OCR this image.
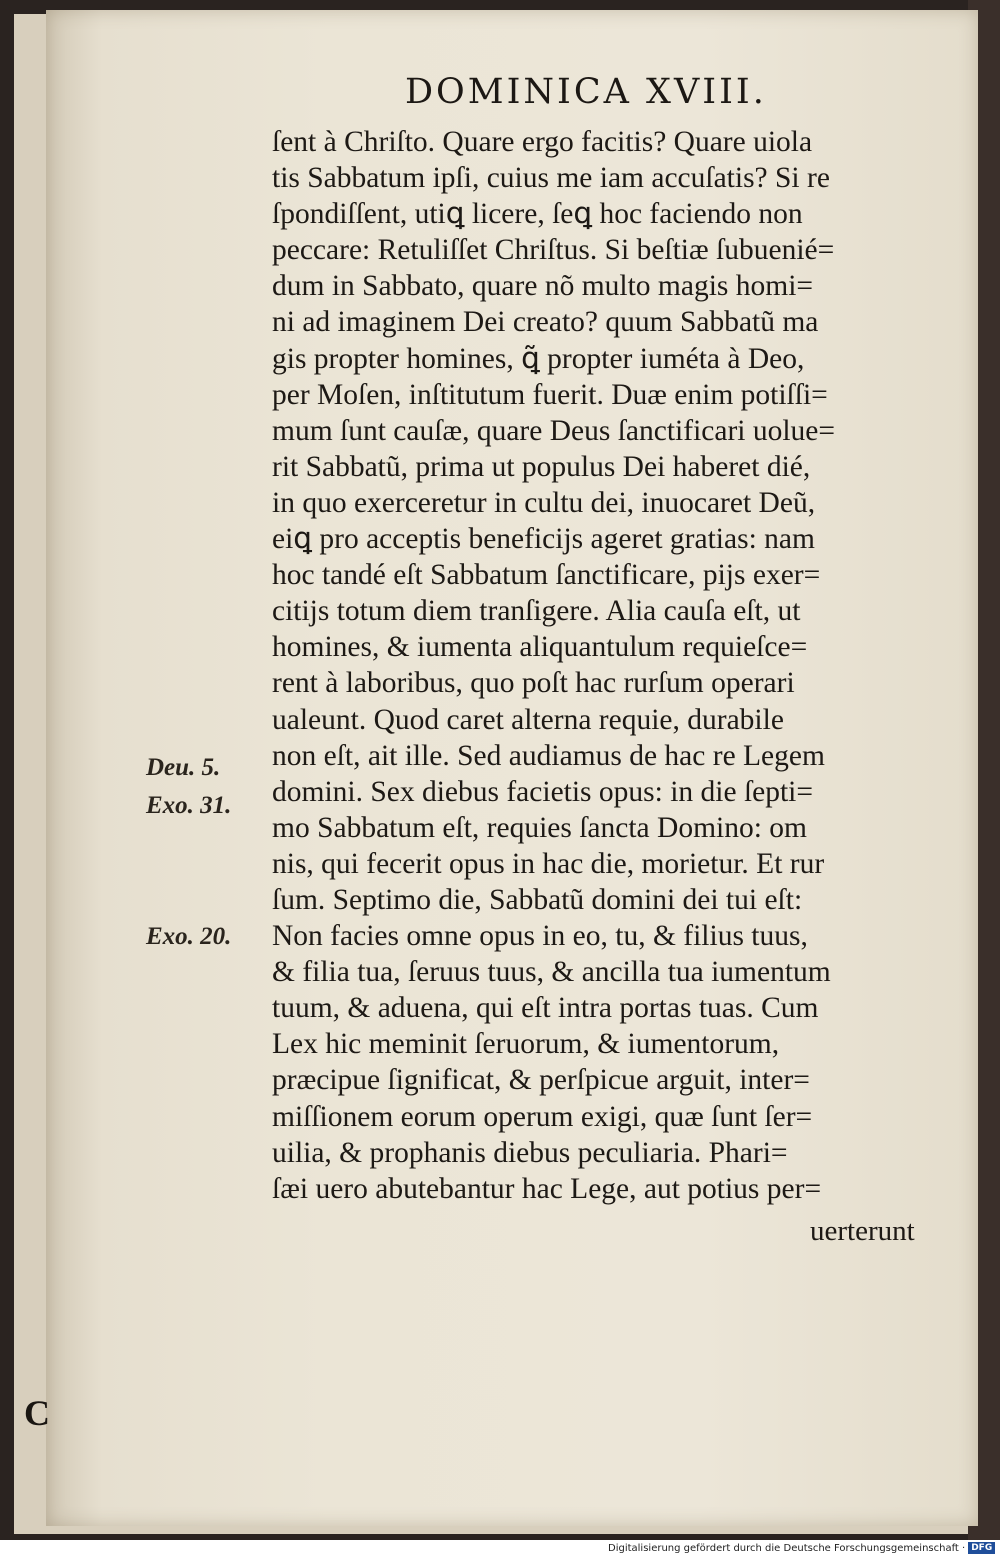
DOMINICA XVIII.
ſent à Chriſto. Quare ergo facitis? Quare uiola
tis Sabbatum ipſi, cuius me iam accuſatis? Si re
ſpondiſſent, utiꝗ licere, ſeꝗ hoc faciendo non
peccare: Retuliſſet Chriſtus. Si beſtiæ ſubuenié=
dum in Sabbato, quare nõ multo magis homi=
ni ad imaginem Dei creato? quum Sabbatũ ma
gis propter homines, ꝗ̃ propter iuméta à Deo,
per Moſen, inſtitutum fuerit. Duæ enim potiſſi=
mum ſunt cauſæ, quare Deus ſanctificari uolue=
rit Sabbatũ, prima ut populus Dei haberet dié,
in quo exerceretur in cultu dei, inuocaret Deũ,
eiꝗ pro acceptis beneficijs ageret gratias: nam
hoc tandé eſt Sabbatum ſanctificare, pijs exer=
citijs totum diem tranſigere. Alia cauſa eſt, ut
homines, & iumenta aliquantulum requieſce=
rent à laboribus, quo poſt hac rurſum operari
ualeunt. Quod caret alterna requie, durabile
non eſt, ait ille. Sed audiamus de hac re Legem
domini. Sex diebus facietis opus: in die ſepti=
mo Sabbatum eſt, requies ſancta Domino: om
nis, qui fecerit opus in hac die, morietur. Et rur
ſum. Septimo die, Sabbatũ domini dei tui eſt:
Non facies omne opus in eo, tu, & filius tuus,
& filia tua, ſeruus tuus, & ancilla tua iumentum
tuum, & aduena, qui eſt intra portas tuas. Cum
Lex hic meminit ſeruorum, & iumentorum,
præcipue ſignificat, & perſpicue arguit, inter=
miſſionem eorum operum exigi, quæ ſunt ſer=
uilia, & prophanis diebus peculiaria. Phari=
ſæi uero abutebantur hac Lege, aut potius per=
uerterunt
Deu. 5.
Exo. 31.
Exo. 20.
C
Digitalisierung gefördert durch die Deutsche Forschungsgemeinschaft · DFG
